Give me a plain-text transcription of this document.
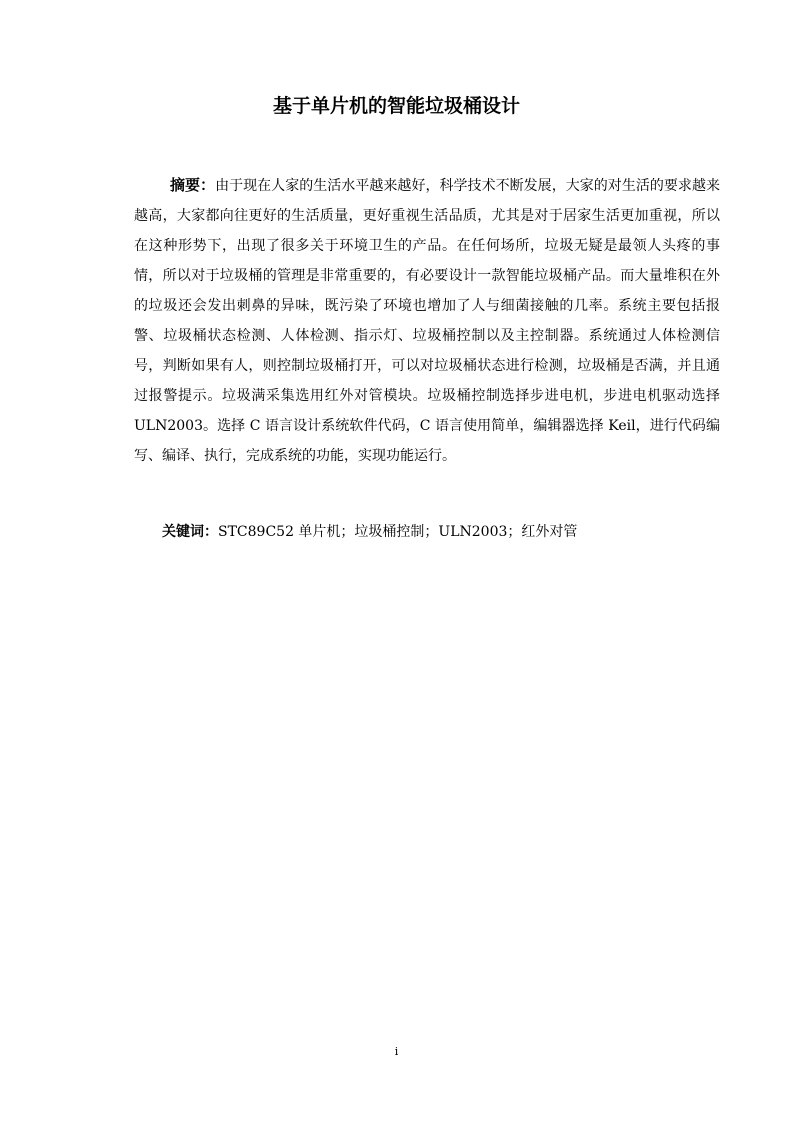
基于单片机的智能垃圾桶设计

摘要：由于现在人家的生活水平越来越好，科学技术不断发展，大家的对生活的要求越来越高，大家都向往更好的生活质量，更好重视生活品质，尤其是对于居家生活更加重视，所以在这种形势下，出现了很多关于环境卫生的产品。在任何场所，垃圾无疑是最领人头疼的事情，所以对于垃圾桶的管理是非常重要的，有必要设计一款智能垃圾桶产品。而大量堆积在外的垃圾还会发出刺鼻的异味，既污染了环境也增加了人与细菌接触的几率。系统主要包括报警、垃圾桶状态检测、人体检测、指示灯、垃圾桶控制以及主控制器。系统通过人体检测信号，判断如果有人，则控制垃圾桶打开，可以对垃圾桶状态进行检测，垃圾桶是否满，并且通过报警提示。垃圾满采集选用红外对管模块。垃圾桶控制选择步进电机，步进电机驱动选择 ULN2003。选择 C 语言设计系统软件代码，C 语言使用简单，编辑器选择 Keil，进行代码编写、编译、执行，完成系统的功能，实现功能运行。

关键词：STC89C52 单片机；垃圾桶控制；ULN2003；红外对管

i
